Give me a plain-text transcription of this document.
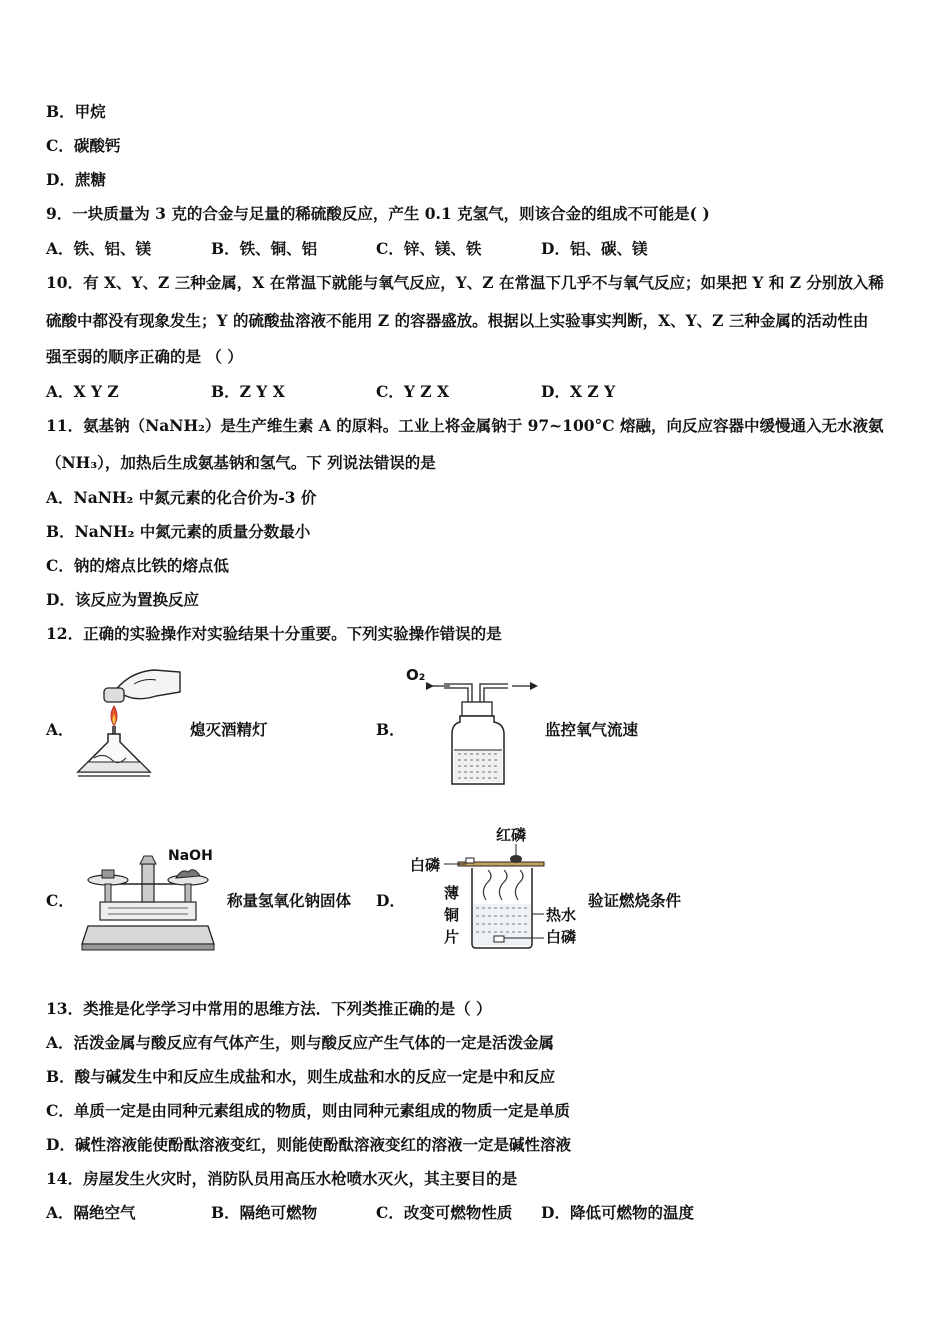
B．甲烷
C．碳酸钙
D．蔗糖
9．一块质量为 3 克的合金与足量的稀硫酸反应，产生 0.1 克氢气，则该合金的组成不可能是( )
A．铁、铝、镁	B．铁、铜、铝	C．锌、镁、铁	D．铝、碳、镁
10．有 X、Y、Z 三种金属，X 在常温下就能与氧气反应，Y、Z 在常温下几乎不与氧气反应；如果把 Y 和 Z 分别放入稀
硫酸中都没有现象发生；Y 的硫酸盐溶液不能用 Z 的容器盛放。根据以上实验事实判断，X、Y、Z 三种金属的活动性由
强至弱的顺序正确的是 （ ）
A．X Y Z	B．Z Y X	C．Y Z X	D．X Z Y
11．氨基钠（NaNH₂）是生产维生素 A 的原料。工业上将金属钠于 97~100°C 熔融，向反应容器中缓慢通入无水液氨
（NH₃），加热后生成氨基钠和氢气。下 列说法错误的是
A．NaNH₂ 中氮元素的化合价为-3 价
B．NaNH₂ 中氮元素的质量分数最小
C．钠的熔点比铁的熔点低
D．该反应为置换反应
12．正确的实验操作对实验结果十分重要。下列实验操作错误的是
A．	熄灭酒精灯	B．
O₂
监控氧气流速
C．
NaOH
称量氢氧化钠固体 D．
红磷
白磷
薄
铜
片
热水
白磷
验证燃烧条件
13．类推是化学学习中常用的思维方法．下列类推正确的是（ ）
A．活泼金属与酸反应有气体产生，则与酸反应产生气体的一定是活泼金属
B．酸与碱发生中和反应生成盐和水，则生成盐和水的反应一定是中和反应
C．单质一定是由同种元素组成的物质，则由同种元素组成的物质一定是单质
D．碱性溶液能使酚酞溶液变红，则能使酚酞溶液变红的溶液一定是碱性溶液
14．房屋发生火灾时，消防队员用高压水枪喷水灭火，其主要目的是
A．隔绝空气	B．隔绝可燃物	C．改变可燃物性质 D．降低可燃物的温度
